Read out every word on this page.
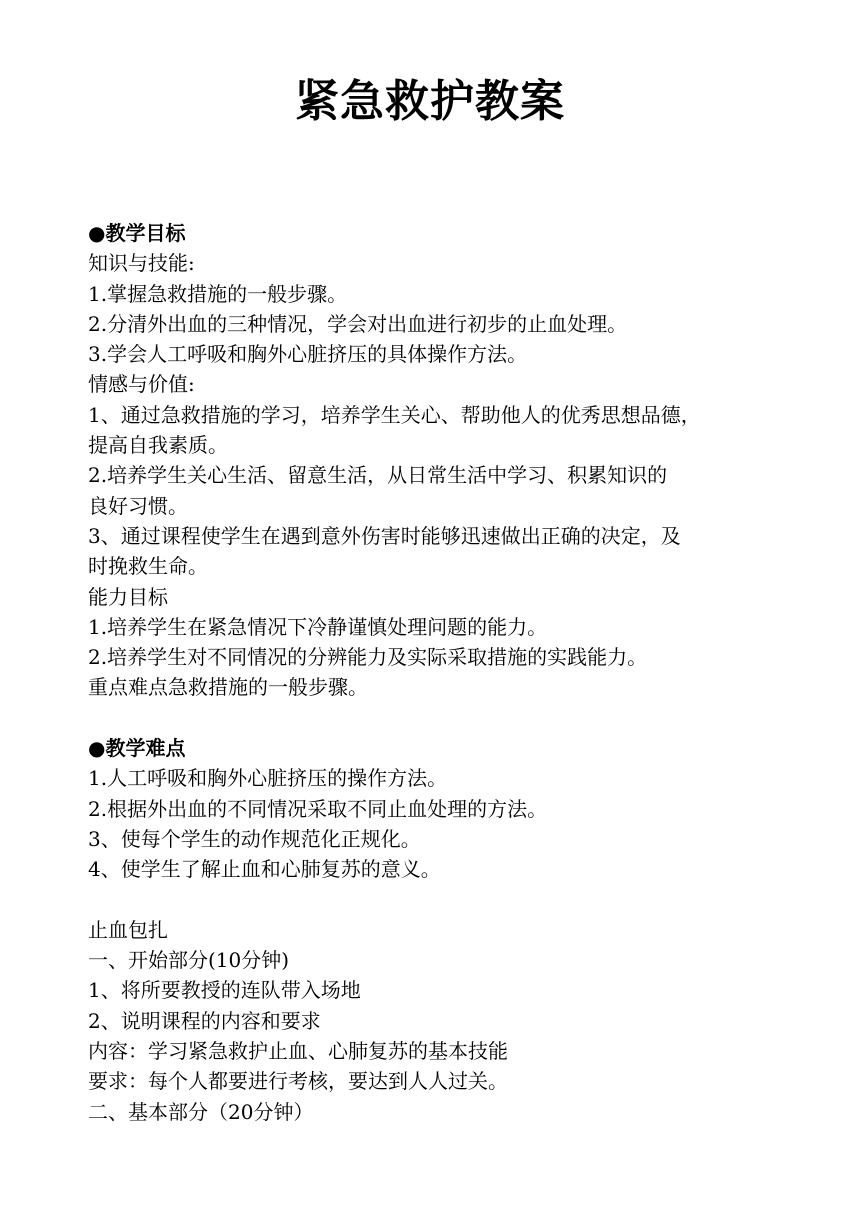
紧急救护教案
●教学目标
知识与技能:
1.掌握急救措施的一般步骤。
2.分清外出血的三种情况，学会对出血进行初步的止血处理。
3.学会人工呼吸和胸外心脏挤压的具体操作方法。
情感与价值:
1、通过急救措施的学习，培养学生关心、帮助他人的优秀思想品德，
提高自我素质。
2.培养学生关心生活、留意生活，从日常生活中学习、积累知识的
良好习惯。
3、通过课程使学生在遇到意外伤害时能够迅速做出正确的决定，及
时挽救生命。
能力目标
1.培养学生在紧急情况下冷静谨慎处理问题的能力。
2.培养学生对不同情况的分辨能力及实际采取措施的实践能力。
重点难点急救措施的一般步骤。
●教学难点
1.人工呼吸和胸外心脏挤压的操作方法。
2.根据外出血的不同情况采取不同止血处理的方法。
3、使每个学生的动作规范化正规化。
4、使学生了解止血和心肺复苏的意义。
止血包扎
一、开始部分(10分钟)
1、将所要教授的连队带入场地
2、说明课程的内容和要求
内容：学习紧急救护止血、心肺复苏的基本技能
要求：每个人都要进行考核，要达到人人过关。
二、基本部分（20分钟）
